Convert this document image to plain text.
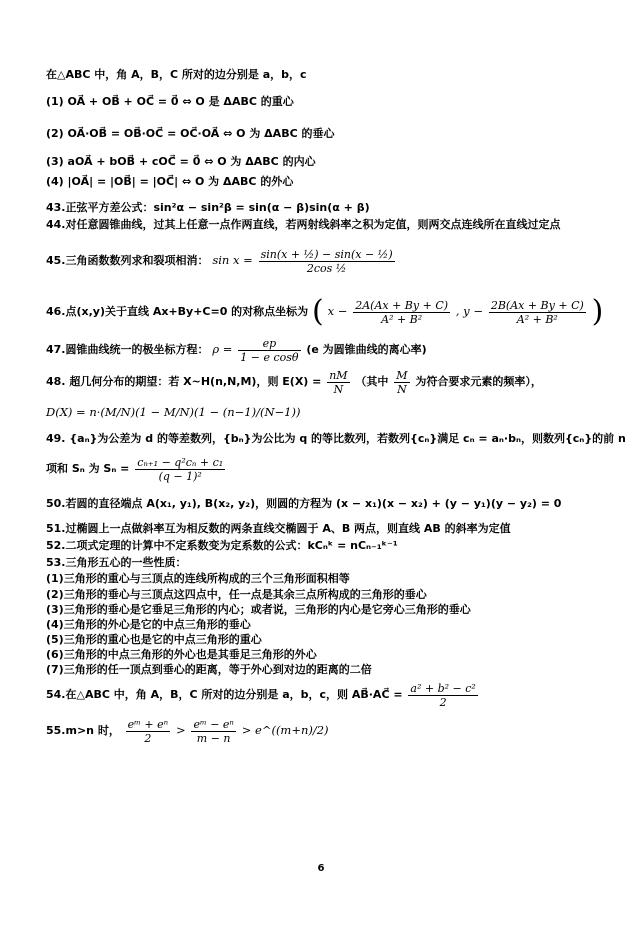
在△ABC 中，角 A，B，C 所对的边分别是 a，b，c
(1) OA⃗ + OB⃗ + OC⃗ = 0⃗ ⇔ O 是 ΔABC 的重心
(2) OA⃗·OB⃗ = OB⃗·OC⃗ = OC⃗·OA⃗ ⇔ O 为 ΔABC 的垂心
(3) aOA⃗ + bOB⃗ + cOC⃗ = 0⃗ ⇔ O 为 ΔABC 的内心
(4) |OA⃗| = |OB⃗| = |OC⃗| ⇔ O 为 ΔABC 的外心
43.正弦平方差公式：sin²α − sin²β = sin(α − β)sin(α + β)
44.对任意圆锥曲线，过其上任意一点作两直线，若两射线斜率之积为定值，则两交点连线所在直线过定点
45.三角函数数列求和裂项相消： $\sin x = \frac{\text{sin(x + ½) − sin(x − ½)}}{\text{2cos ½}}$
46.点(x,y)关于直线 Ax+By+C=0 的对称点坐标为 ( $x - \frac{2A(Ax + By + C)}{\text{A² + B²}}$ , $y - \frac{2B(Ax + By + C)}{\text{A² + B²}}$ )
47.圆锥曲线统一的极坐标方程： $\rho = \frac{ep}{\text{1 − e cosθ}} (e$ 为圆锥曲线的离心率)
48. 超几何分布的期望：若 X~H(n,N,M)，则 $E(X) = \frac{nM}{N}$ （其中 $\frac{M}{N}$ 为符合要求元素的频率），
D(X) = n·(M/N)(1 − M/N)(1 − (n−1)/(N−1))
49. {aₙ}为公差为 d 的等差数列，{bₙ}为公比为 q 的等比数列，若数列{cₙ}满足 cₙ = aₙ·bₙ，则数列{cₙ}的前 n
项和 Sₙ 为 $S_n = \frac{\text{cₙ₊₁ − q²cₙ + c₁}}{\text{(q − 1)²}}$
50.若圆的直径端点 A(x₁, y₁), B(x₂, y₂)，则圆的方程为 (x − x₁)(x − x₂) + (y − y₁)(y − y₂) = 0
51.过椭圆上一点做斜率互为相反数的两条直线交椭圆于 A、B 两点，则直线 AB 的斜率为定值
52.二项式定理的计算中不定系数变为定系数的公式：kCₙᵏ = nCₙ₋₁ᵏ⁻¹
53.三角形五心的一些性质：
(1)三角形的重心与三顶点的连线所构成的三个三角形面积相等
(2)三角形的垂心与三顶点这四点中，任一点是其余三点所构成的三角形的垂心
(3)三角形的垂心是它垂足三角形的内心；或者说，三角形的内心是它旁心三角形的垂心
(4)三角形的外心是它的中点三角形的垂心
(5)三角形的重心也是它的中点三角形的重心
(6)三角形的中点三角形的外心也是其垂足三角形的外心
(7)三角形的任一顶点到垂心的距离，等于外心到对边的距离的二倍
54.在△ABC 中，角 A，B，C 所对的边分别是 a，b，c，则 AB⃗·AC⃗ = $\frac{\text{a² + b² − c²}}{2}$
55.m>n 时， $\frac{\text{eᵐ + eⁿ}}{2} > \frac{\text{eᵐ − eⁿ}}{m - n}$ > e^((m+n)/2)
6
